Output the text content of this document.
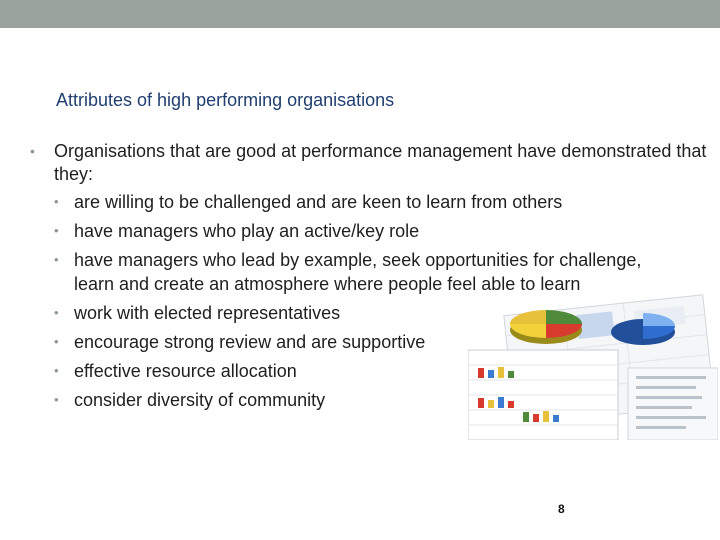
Attributes of high performing organisations
• Organisations that are good at performance management have demonstrated that they:
• are willing to be challenged and are keen to learn from others
• have managers who play an active/key role
• have managers who lead by example, seek opportunities for challenge, learn and create an atmosphere where people feel able to learn
• work with elected representatives
• encourage strong review and are supportive
• effective resource allocation
• consider diversity of community
8
